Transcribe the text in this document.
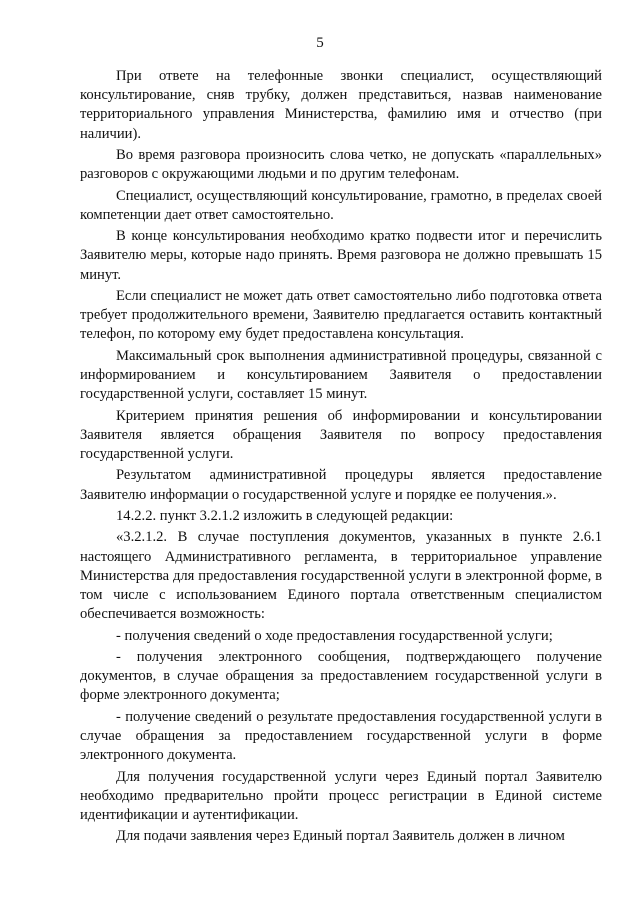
5

При ответе на телефонные звонки специалист, осуществляющий консультирование, сняв трубку, должен представиться, назвав наименование территориального управления Министерства, фамилию имя и отчество (при наличии).

Во время разговора произносить слова четко, не допускать «параллельных» разговоров с окружающими людьми и по другим телефонам.

Специалист, осуществляющий консультирование, грамотно, в пределах своей компетенции дает ответ самостоятельно.

В конце консультирования необходимо кратко подвести итог и перечислить Заявителю меры, которые надо принять. Время разговора не должно превышать 15 минут.

Если специалист не может дать ответ самостоятельно либо подготовка ответа требует продолжительного времени, Заявителю предлагается оставить контактный телефон, по которому ему будет предоставлена консультация.

Максимальный срок выполнения административной процедуры, связанной с информированием и консультированием Заявителя о предоставлении государственной услуги, составляет 15 минут.

Критерием принятия решения об информировании и консультировании Заявителя является обращения Заявителя по вопросу предоставления государственной услуги.

Результатом административной процедуры является предоставление Заявителю информации о государственной услуге и порядке ее получения.».

14.2.2. пункт 3.2.1.2 изложить в следующей редакции:

«3.2.1.2. В случае поступления документов, указанных в пункте 2.6.1 настоящего Административного регламента, в территориальное управление Министерства для предоставления государственной услуги в электронной форме, в том числе с использованием Единого портала ответственным специалистом обеспечивается возможность:

- получения сведений о ходе предоставления государственной услуги;

- получения электронного сообщения, подтверждающего получение документов, в случае обращения за предоставлением государственной услуги в форме электронного документа;

- получение сведений о результате предоставления государственной услуги в случае обращения за предоставлением государственной услуги в форме электронного документа.

Для получения государственной услуги через Единый портал Заявителю необходимо предварительно пройти процесс регистрации в Единой системе идентификации и аутентификации.

Для подачи заявления через Единый портал Заявитель должен в личном
